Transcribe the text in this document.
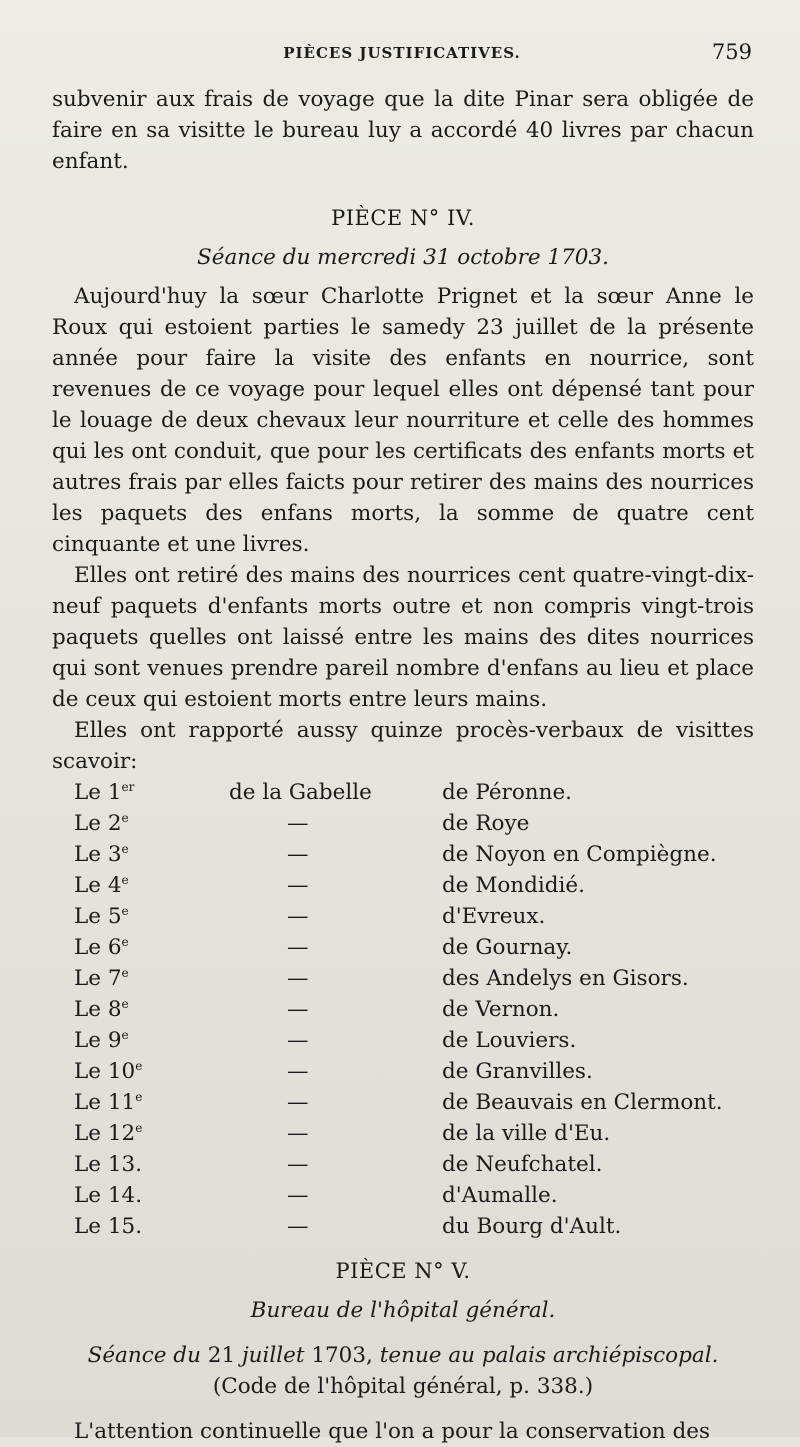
PIÈCES JUSTIFICATIVES.	759

subvenir aux frais de voyage que la dite Pinar sera obligée de faire en sa visitte le bureau luy a accordé 40 livres par chacun enfant.

PIÈCE N° IV.

Séance du mercredi 31 octobre 1703.

Aujourd'huy la sœur Charlotte Prignet et la sœur Anne le Roux qui estoient parties le samedy 23 juillet de la présente année pour faire la visite des enfants en nourrice, sont revenues de ce voyage pour lequel elles ont dépensé tant pour le louage de deux chevaux leur nourriture et celle des hommes qui les ont conduit, que pour les certificats des enfants morts et autres frais par elles faicts pour retirer des mains des nourrices les paquets des enfans morts, la somme de quatre cent cinquante et une livres.

Elles ont retiré des mains des nourrices cent quatre-vingt-dix-neuf paquets d'enfants morts outre et non compris vingt-trois paquets quelles ont laissé entre les mains des dites nourrices qui sont venues prendre pareil nombre d'enfans au lieu et place de ceux qui estoient morts entre leurs mains.

Elles ont rapporté aussy quinze procès-verbaux de visittes scavoir:

Le 1er	de la Gabelle	de Péronne.
Le 2e	—	de Roye
Le 3e	—	de Noyon en Compiègne.
Le 4e	—	de Mondidié.
Le 5e	—	d'Evreux.
Le 6e	—	de Gournay.
Le 7e	—	des Andelys en Gisors.
Le 8e	—	de Vernon.
Le 9e	—	de Louviers.
Le 10e	—	de Granvilles.
Le 11e	—	de Beauvais en Clermont.
Le 12e	—	de la ville d'Eu.
Le 13.	—	de Neufchatel.
Le 14.	—	d'Aumalle.
Le 15.	—	du Bourg d'Ault.

PIÈCE N° V.

Bureau de l'hôpital général.

Séance du 21 juillet 1703, tenue au palais archiépiscopal.

(Code de l'hôpital général, p. 338.)

L'attention continuelle que l'on a pour la conservation des
